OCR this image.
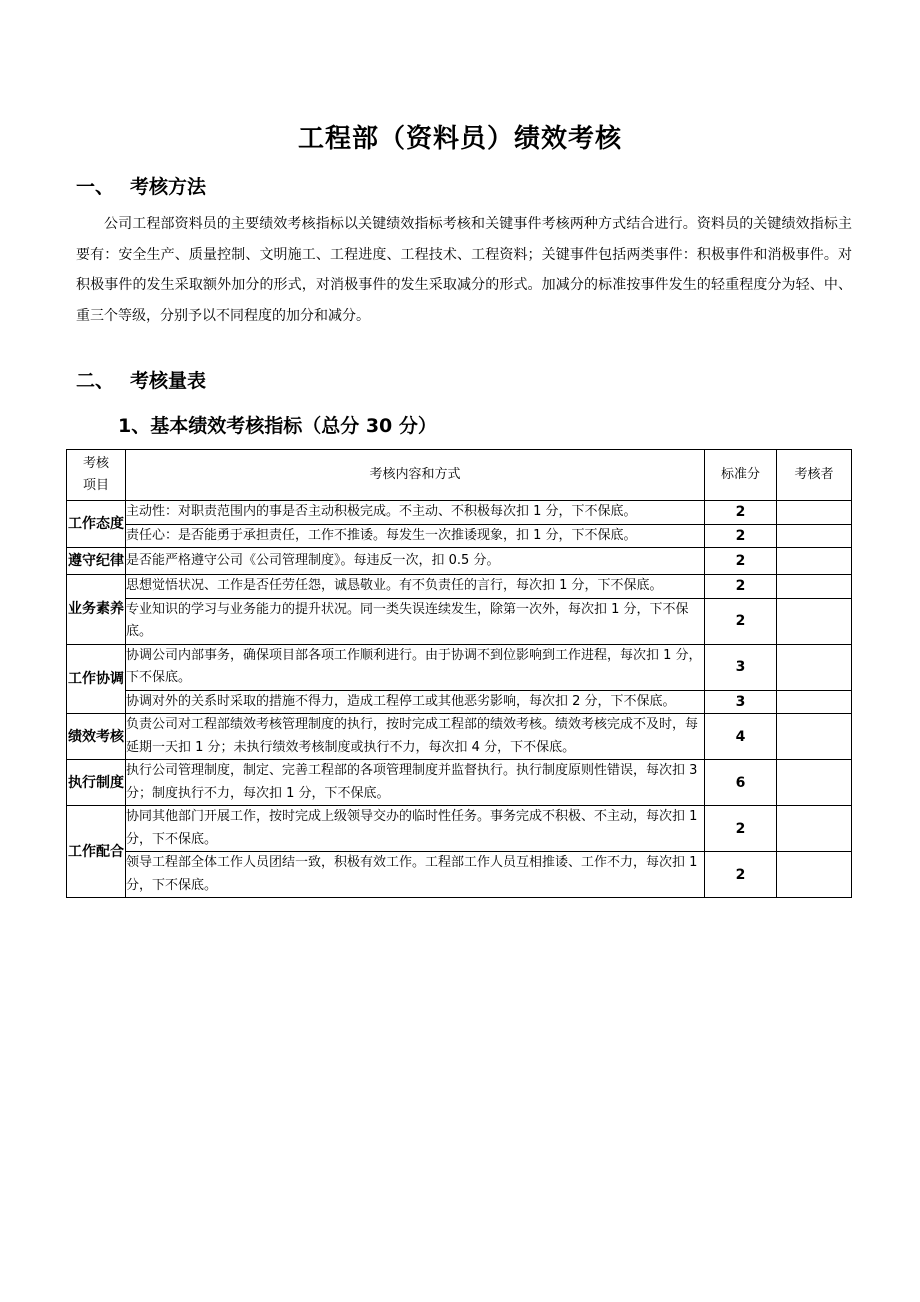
工程部（资料员）绩效考核
一、 考核方法
公司工程部资料员的主要绩效考核指标以关键绩效指标考核和关键事件考核两种方式结合进行。资料员的关键绩效指标主要有：安全生产、质量控制、文明施工、工程进度、工程技术、工程资料；关键事件包括两类事件：积极事件和消极事件。对积极事件的发生采取额外加分的形式，对消极事件的发生采取减分的形式。加减分的标准按事件发生的轻重程度分为轻、中、重三个等级，分别予以不同程度的加分和减分。
二、 考核量表
1、基本绩效考核指标（总分 30 分）
考核项目	考核内容和方式	标准分	考核者
工作态度	主动性：对职责范围内的事是否主动积极完成。不主动、不积极每次扣 1 分，下不保底。	2	
	责任心：是否能勇于承担责任，工作不推诿。每发生一次推诿现象，扣 1 分，下不保底。	2	
遵守纪律	是否能严格遵守公司《公司管理制度》。每违反一次，扣 0.5 分。	2	
业务素养	思想觉悟状况、工作是否任劳任怨，诚恳敬业。有不负责任的言行，每次扣 1 分，下不保底。	2	
	专业知识的学习与业务能力的提升状况。同一类失误连续发生，除第一次外，每次扣 1 分，下不保底。	2	
工作协调	协调公司内部事务，确保项目部各项工作顺利进行。由于协调不到位影响到工作进程，每次扣 1 分，下不保底。	3	
	协调对外的关系时采取的措施不得力，造成工程停工或其他恶劣影响，每次扣 2 分，下不保底。	3	
绩效考核	负责公司对工程部绩效考核管理制度的执行，按时完成工程部的绩效考核。绩效考核完成不及时，每延期一天扣 1 分；未执行绩效考核制度或执行不力，每次扣 4 分，下不保底。	4	
执行制度	执行公司管理制度，制定、完善工程部的各项管理制度并监督执行。执行制度原则性错误，每次扣 3 分；制度执行不力，每次扣 1 分，下不保底。	6	
工作配合	协同其他部门开展工作，按时完成上级领导交办的临时性任务。事务完成不积极、不主动，每次扣 1 分，下不保底。	2	
	领导工程部全体工作人员团结一致，积极有效工作。工程部工作人员互相推诿、工作不力，每次扣 1 分，下不保底。	2	
